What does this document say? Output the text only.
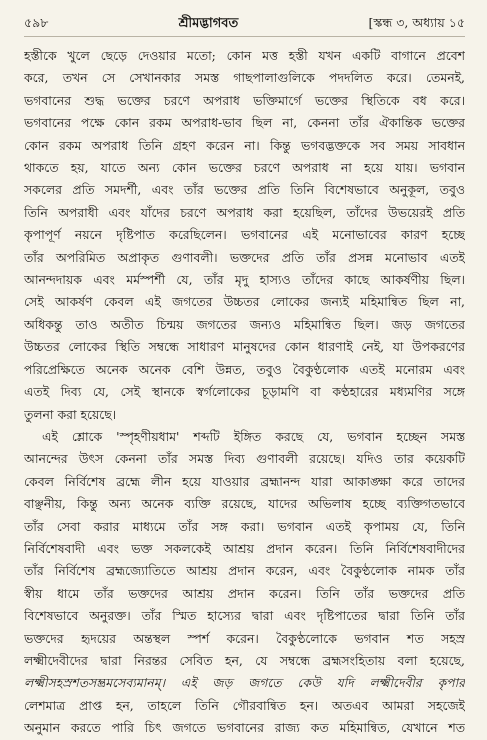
৫৯৮	শ্রীমদ্ভাগবত	[স্কন্ধ ৩, অধ্যায় ১৫
হস্তীকে খুলে ছেড়ে দেওয়ার মতো; কোন মত্ত হস্তী যখন একটি বাগানে প্রবেশ
করে, তখন সে সেখানকার সমস্ত গাছপালাগুলিকে পদদলিত করে। তেমনই,
ভগবানের শুদ্ধ ভক্তের চরণে অপরাধ ভক্তিমার্গে ভক্তের স্থিতিকে বধ করে।
ভগবানের পক্ষে কোন রকম অপরাধ-ভাব ছিল না, কেননা তাঁর ঐকান্তিক ভক্তের
কোন রকম অপরাধ তিনি গ্রহণ করেন না। কিন্তু ভগবদ্ভক্তকে সব সময় সাবধান
থাকতে হয়, যাতে অন্য কোন ভক্তের চরণে অপরাধ না হয়ে যায়। ভগবান
সকলের প্রতি সমদর্শী, এবং তাঁর ভক্তের প্রতি তিনি বিশেষভাবে অনুকূল, তবুও
তিনি অপরাধী এবং যাঁদের চরণে অপরাধ করা হয়েছিল, তাঁদের উভয়েরই প্রতি
কৃপাপূর্ণ নয়নে দৃষ্টিপাত করেছিলেন। ভগবানের এই মনোভাবের কারণ হচ্ছে
তাঁর অপরিমিত অপ্রাকৃত গুণাবলী। ভক্তদের প্রতি তাঁর প্রসন্ন মনোভাব এতই
আনন্দদায়ক এবং মর্মস্পর্শী যে, তাঁর মৃদু হাস্যও তাঁদের কাছে আকর্ষণীয় ছিল।
সেই আকর্ষণ কেবল এই জগতের উচ্চতর লোকের জন্যই মহিমান্বিত ছিল না,
অধিকন্তু তাও অতীত চিন্ময় জগতের জন্যও মহিমান্বিত ছিল। জড় জগতের
উচ্চতর লোকের স্থিতি সম্বন্ধে সাধারণ মানুষদের কোন ধারণাই নেই, যা উপকরণের
পরিপ্রেক্ষিতে অনেক অনেক বেশি উন্নত, তবুও বৈকুণ্ঠলোক এতই মনোরম এবং
এতই দিব্য যে, সেই স্থানকে স্বর্গলোকের চূড়ামণি বা কণ্ঠহারের মধ্যমণির সঙ্গে
তুলনা করা হয়েছে।
এই শ্লোকে 'স্পৃহণীয়ধাম' শব্দটি ইঙ্গিত করছে যে, ভগবান হচ্ছেন সমস্ত
আনন্দের উৎস কেননা তাঁর সমস্ত দিব্য গুণাবলী রয়েছে। যদিও তার কয়েকটি
কেবল নির্বিশেষ ব্রহ্মে লীন হয়ে যাওয়ার ব্রহ্মানন্দ যারা আকাঙ্ক্ষা করে তাদের
বাঞ্ছনীয়, কিন্তু অন্য অনেক ব্যক্তি রয়েছে, যাদের অভিলাষ হচ্ছে ব্যক্তিগতভাবে
তাঁর সেবা করার মাধ্যমে তাঁর সঙ্গ করা। ভগবান এতই কৃপাময় যে, তিনি
নির্বিশেষবাদী এবং ভক্ত সকলকেই আশ্রয় প্রদান করেন। তিনি নির্বিশেষবাদীদের
তাঁর নির্বিশেষ ব্রহ্মজ্যোতিতে আশ্রয় প্রদান করেন, এবং বৈকুণ্ঠলোক নামক তাঁর
স্বীয় ধামে তাঁর ভক্তদের আশ্রয় প্রদান করেন। তিনি তাঁর ভক্তদের প্রতি
বিশেষভাবে অনুরক্ত। তাঁর স্মিত হাস্যের দ্বারা এবং দৃষ্টিপাতের দ্বারা তিনি তাঁর
ভক্তদের হৃদয়ের অন্তস্থল স্পর্শ করেন। বৈকুণ্ঠলোকে ভগবান শত সহস্র
লক্ষ্মীদেবীদের দ্বারা নিরন্তর সেবিত হন, যে সম্বন্ধে ব্রহ্মসংহিতায় বলা হয়েছে,
লক্ষ্মীসহস্রশতসম্ভ্রমসেব্যমানম্। এই জড় জগতে কেউ যদি লক্ষ্মীদেবীর কৃপার
লেশমাত্র প্রাপ্ত হন, তাহলে তিনি গৌরবান্বিত হন। অতএব আমরা সহজেই
অনুমান করতে পারি চিৎ জগতে ভগবানের রাজ্য কত মহিমান্বিত, যেখানে শত
